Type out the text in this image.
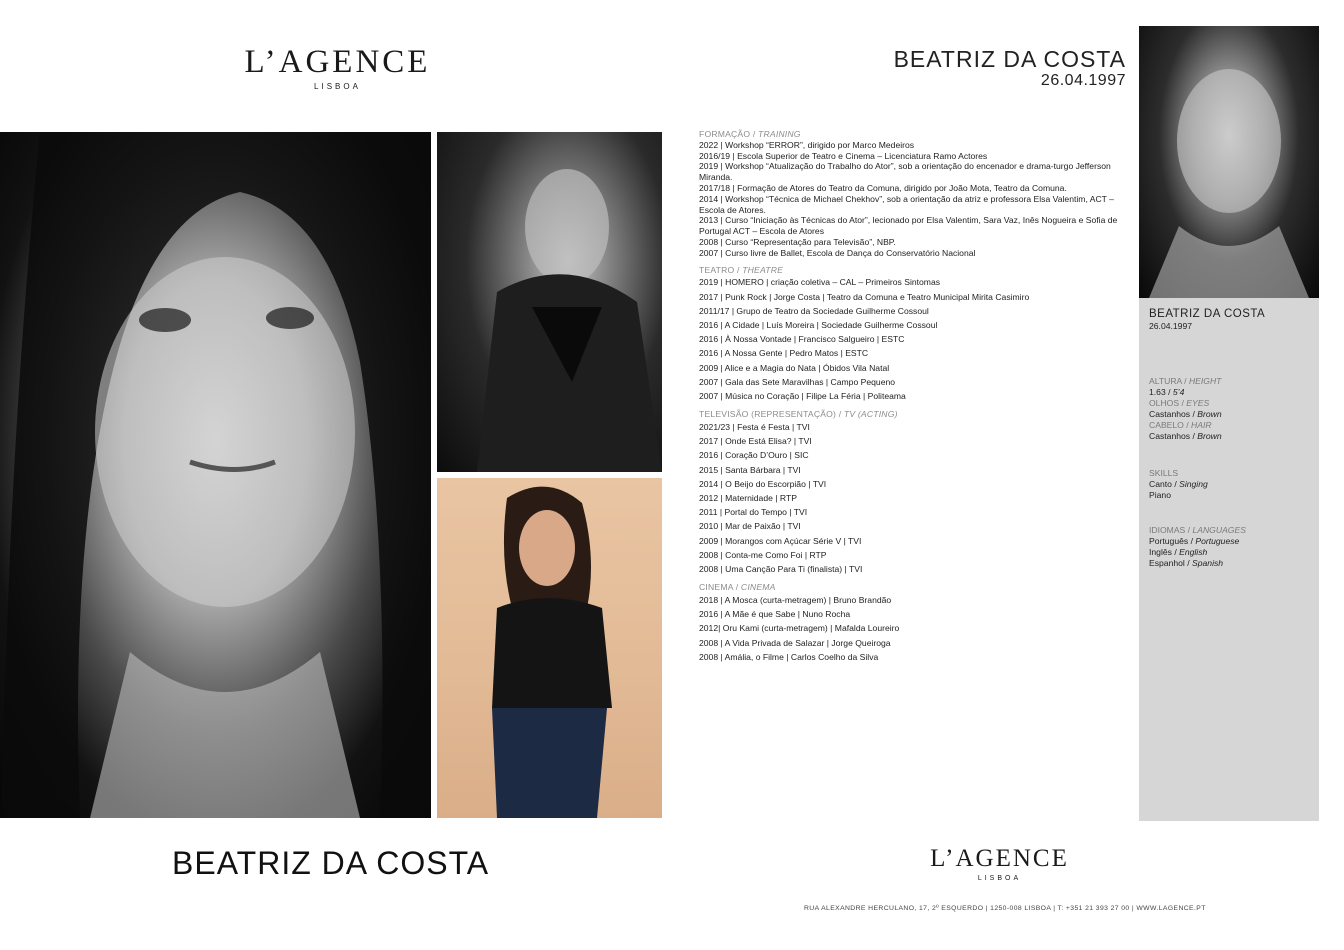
L’AGENCE
LISBOA
BEATRIZ DA COSTA
26.04.1997
FORMAÇÃO / TRAINING
2022 | Workshop “ERROR”, dirigido por Marco Medeiros
2016/19 | Escola Superior de Teatro e Cinema – Licenciatura Ramo Actores
2019 | Workshop “Atualização do Trabalho do Ator”, sob a orientação do encenador e drama-turgo Jefferson Miranda.
2017/18 | Formação de Atores do Teatro da Comuna, dirigido por João Mota, Teatro da Comuna.
2014 | Workshop “Técnica de Michael Chekhov”, sob a orientação da atriz e professora Elsa Valentim, ACT – Escola de Atores.
2013 | Curso “Iniciação às Técnicas do Ator”, lecionado por Elsa Valentim, Sara Vaz, Inês Nogueira e Sofia de Portugal ACT – Escola de Atores
2008 | Curso “Representação para Televisão”, NBP.
2007 | Curso livre de Ballet, Escola de Dança do Conservatório Nacional
TEATRO / THEATRE
2019 | HOMERO | criação coletiva – CAL – Primeiros Sintomas
2017 | Punk Rock | Jorge Costa | Teatro da Comuna e Teatro Municipal Mirita Casimiro
2011/17 | Grupo de Teatro da Sociedade Guilherme Cossoul
2016 | A Cidade | Luís Moreira | Sociedade Guilherme Cossoul
2016 | À Nossa Vontade | Francisco Salgueiro | ESTC
2016 | A Nossa Gente | Pedro Matos | ESTC
2009 | Alice e a Magia do Nata | Óbidos Vila Natal
2007 | Gala das Sete Maravilhas | Campo Pequeno
2007 | Música no Coração | Filipe La Féria | Politeama
TELEVISÃO (REPRESENTAÇÃO) / TV (ACTING)
2021/23 | Festa é Festa | TVI
2017 | Onde Está Elisa? | TVI
2016 | Coração D’Ouro | SIC
2015 | Santa Bárbara | TVI
2014 | O Beijo do Escorpião | TVI
2012 | Maternidade | RTP
2011 | Portal do Tempo | TVI
2010 | Mar de Paixão | TVI
2009 | Morangos com Açúcar Série V | TVI
2008 | Conta-me Como Foi | RTP
2008 | Uma Canção Para Ti (finalista) | TVI
CINEMA / CINEMA
2018 | A Mosca (curta-metragem) | Bruno Brandão
2016 | A Mãe é que Sabe | Nuno Rocha
2012| Oru Kami (curta-metragem) | Mafalda Loureiro
2008 | A Vida Privada de Salazar | Jorge Queiroga
2008 | Amália, o Filme | Carlos Coelho da Silva
BEATRIZ DA COSTA
26.04.1997
ALTURA / HEIGHT
1.63 / 5’4
OLHOS / EYES
Castanhos / Brown
CABELO / HAIR
Castanhos / Brown
SKILLS
Canto / Singing
Piano
IDIOMAS / LANGUAGES
Português / Portuguese
Inglês / English
Espanhol / Spanish
BEATRIZ DA COSTA	L’AGENCE
LISBOA
RUA ALEXANDRE HERCULANO, 17, 2º ESQUERDO | 1250-008 LISBOA | T: +351 21 393 27 00 | WWW.LAGENCE.PT
